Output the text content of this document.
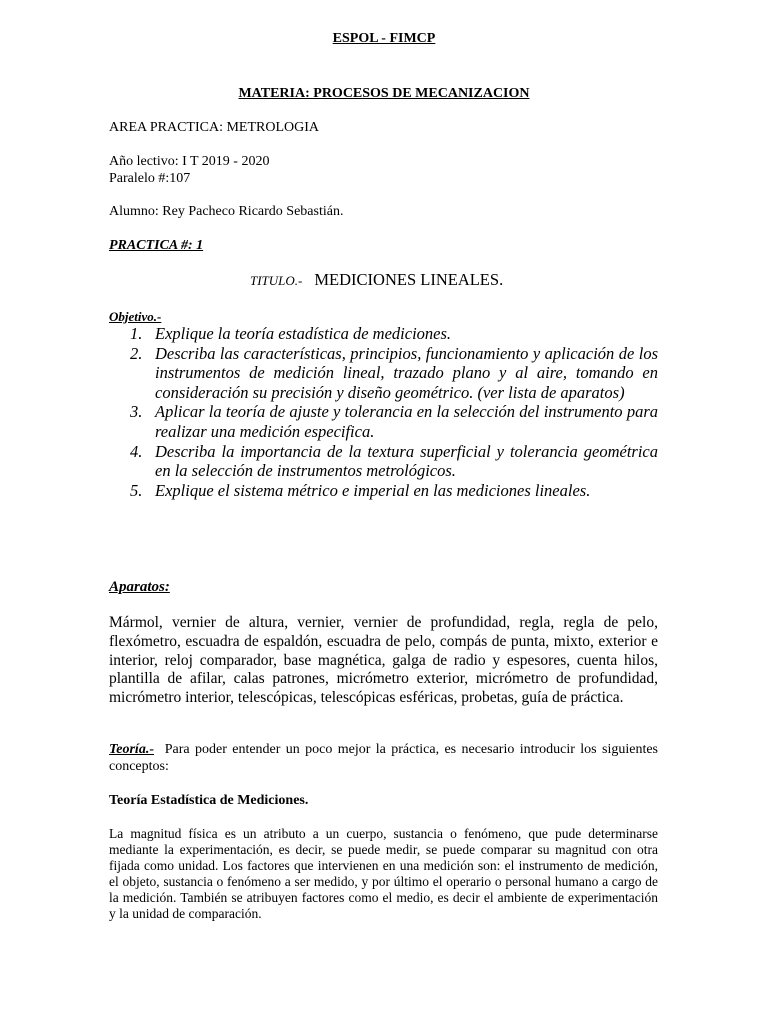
ESPOL - FIMCP
MATERIA: PROCESOS DE MECANIZACION
AREA PRACTICA: METROLOGIA
Año lectivo: I T 2019 - 2020
Paralelo #:107
Alumno: Rey Pacheco Ricardo Sebastián.
PRACTICA #: 1
TITULO.- MEDICIONES LINEALES.
Objetivo.-
1. Explique la teoría estadística de mediciones.
2. Describa las características, principios, funcionamiento y aplicación de los instrumentos de medición lineal, trazado plano y al aire, tomando en consideración su precisión y diseño geométrico. (ver lista de aparatos)
3. Aplicar la teoría de ajuste y tolerancia en la selección del instrumento para realizar una medición especifica.
4. Describa la importancia de la textura superficial y tolerancia geométrica en la selección de instrumentos metrológicos.
5. Explique el sistema métrico e imperial en las mediciones lineales.
Aparatos:
Mármol, vernier de altura, vernier, vernier de profundidad, regla, regla de pelo, flexómetro, escuadra de espaldón, escuadra de pelo, compás de punta, mixto, exterior e interior, reloj comparador, base magnética, galga de radio y espesores, cuenta hilos, plantilla de afilar, calas patrones, micrómetro exterior, micrómetro de profundidad, micrómetro interior, telescópicas, telescópicas esféricas, probetas, guía de práctica.
Teoría.- Para poder entender un poco mejor la práctica, es necesario introducir los siguientes conceptos:
Teoría Estadística de Mediciones.
La magnitud física es un atributo a un cuerpo, sustancia o fenómeno, que pude determinarse mediante la experimentación, es decir, se puede medir, se puede comparar su magnitud con otra fijada como unidad. Los factores que intervienen en una medición son: el instrumento de medición, el objeto, sustancia o fenómeno a ser medido, y por último el operario o personal humano a cargo de la medición. También se atribuyen factores como el medio, es decir el ambiente de experimentación y la unidad de comparación.
